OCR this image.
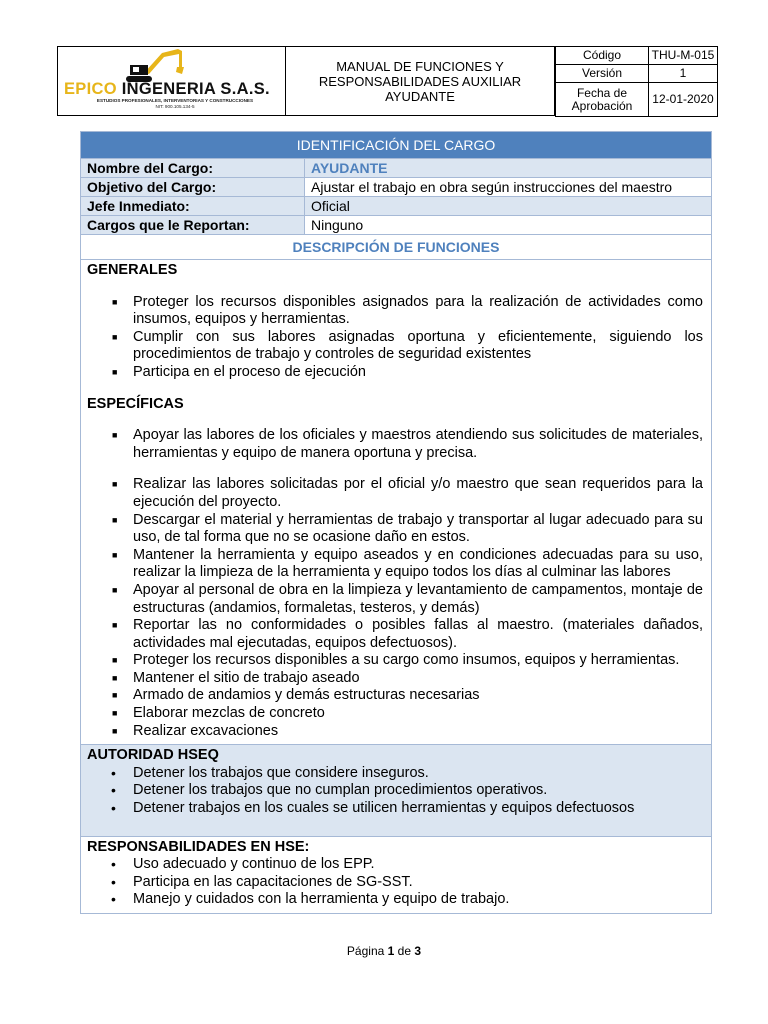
EPICO INGENERIA S.A.S.
ESTUDIOS PROFESIONALES, INTERVENTORIAS Y CONSTRUCCIONES
NIT: 900.105.134-5
MANUAL DE FUNCIONES Y RESPONSABILIDADES AUXILIAR AYUDANTE
Código	THU-M-015
Versión	1
Fecha de Aprobación	12-01-2020
IDENTIFICACIÓN DEL CARGO
Nombre del Cargo:	AYUDANTE
Objetivo del Cargo:	Ajustar el trabajo en obra según instrucciones del maestro
Jefe Inmediato:	Oficial
Cargos que le Reportan:	Ninguno
DESCRIPCIÓN DE FUNCIONES
GENERALES
■ Proteger los recursos disponibles asignados para la realización de actividades como insumos, equipos y herramientas.
■ Cumplir con sus labores asignadas oportuna y eficientemente, siguiendo los procedimientos de trabajo y controles de seguridad existentes
■ Participa en el proceso de ejecución
ESPECÍFICAS
■ Apoyar las labores de los oficiales y maestros atendiendo sus solicitudes de materiales, herramientas y equipo de manera oportuna y precisa.
■ Realizar las labores solicitadas por el oficial y/o maestro que sean requeridos para la ejecución del proyecto.
■ Descargar el material y herramientas de trabajo y transportar al lugar adecuado para su uso, de tal forma que no se ocasione daño en estos.
■ Mantener la herramienta y equipo aseados y en condiciones adecuadas para su uso, realizar la limpieza de la herramienta y equipo todos los días al culminar las labores
■ Apoyar al personal de obra en la limpieza y levantamiento de campamentos, montaje de estructuras (andamios, formaletas, testeros, y demás)
■ Reportar las no conformidades o posibles fallas al maestro. (materiales dañados, actividades mal ejecutadas, equipos defectuosos).
■ Proteger los recursos disponibles a su cargo como insumos, equipos y herramientas.
■ Mantener el sitio de trabajo aseado
■ Armado de andamios y demás estructuras necesarias
■ Elaborar mezclas de concreto
■ Realizar excavaciones
AUTORIDAD HSEQ
• Detener los trabajos que considere inseguros.
• Detener los trabajos que no cumplan procedimientos operativos.
• Detener trabajos en los cuales se utilicen herramientas y equipos defectuosos
RESPONSABILIDADES EN HSE:
• Uso adecuado y continuo de los EPP.
• Participa en las capacitaciones de SG-SST.
• Manejo y cuidados con la herramienta y equipo de trabajo.
Página 1 de 3
